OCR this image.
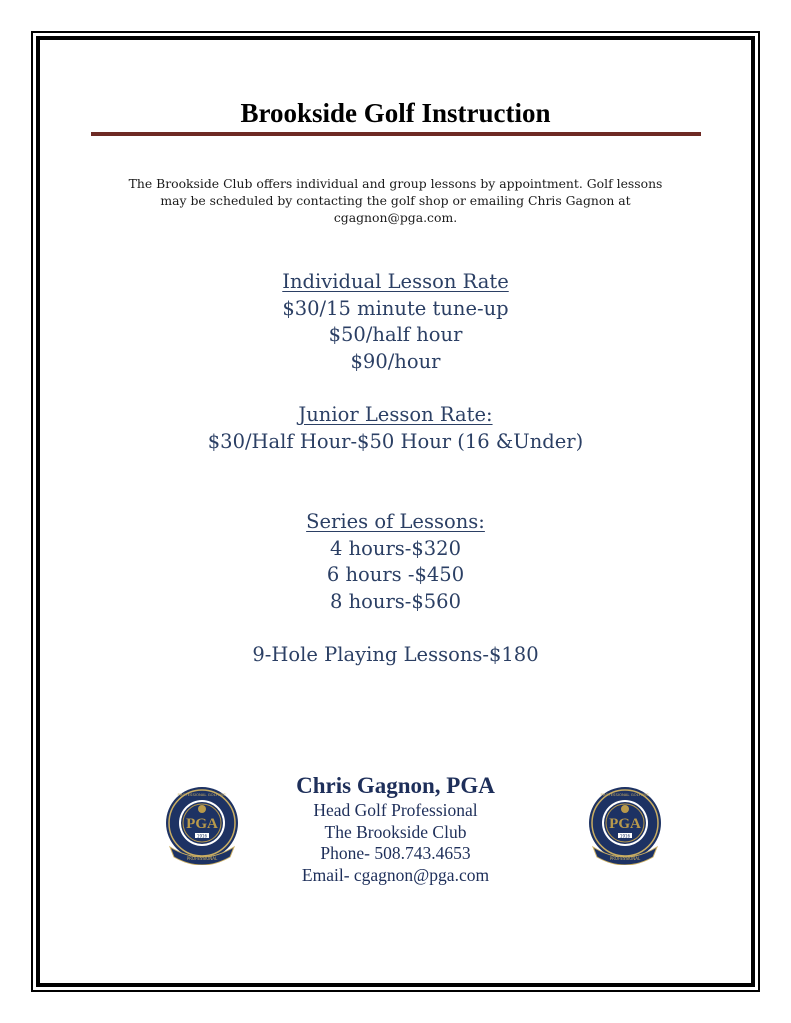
Brookside Golf Instruction
The Brookside Club offers individual and group lessons by appointment. Golf lessons
may be scheduled by contacting the golf shop or emailing Chris Gagnon at
cgagnon@pga.com.
Individual Lesson Rate
$30/15 minute tune-up
$50/half hour
$90/hour
Junior Lesson Rate:
$30/Half Hour-$50 Hour (16 &Under)
Series of Lessons:
4 hours-$320
6 hours -$450
8 hours-$560
9-Hole Playing Lessons-$180
Chris Gagnon, PGA
Head Golf Professional
The Brookside Club
Phone- 508.743.4653
Email- cgagnon@pga.com
PGA
1916
PROFESSIONAL
PROFESSIONAL GOLFERS'
PGA
1916
PROFESSIONAL
PROFESSIONAL GOLFERS'
